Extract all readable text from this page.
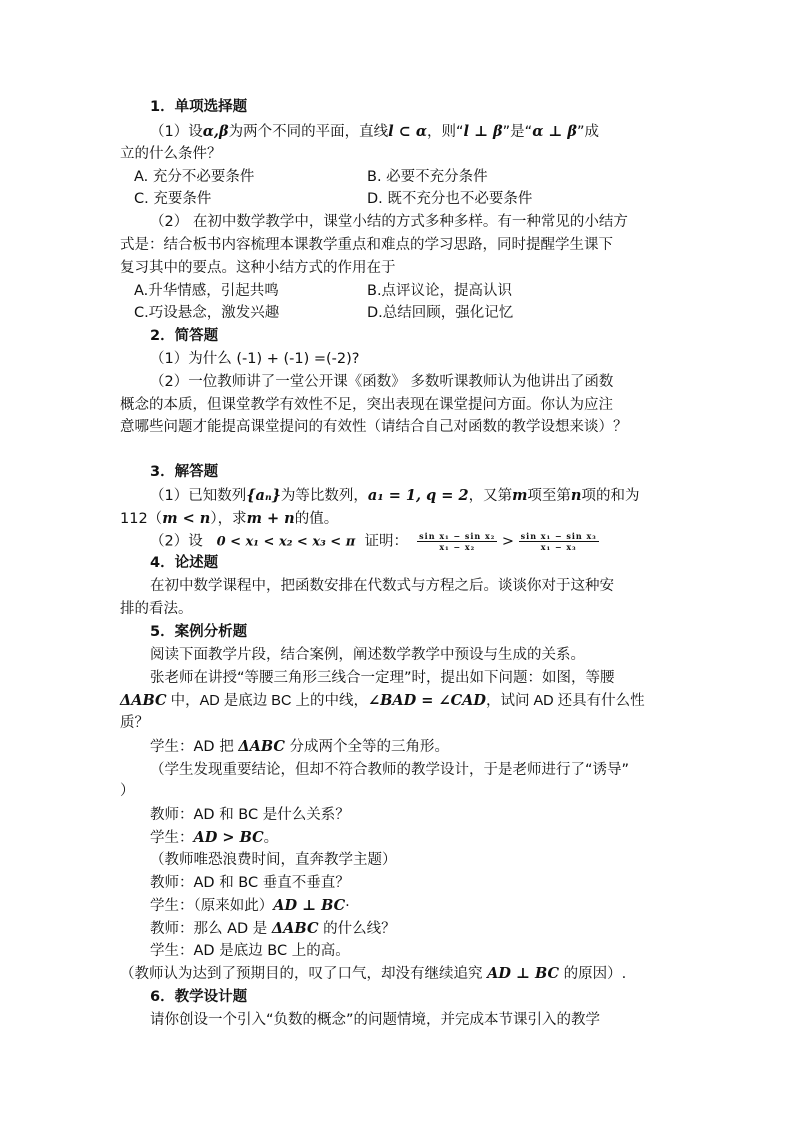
1．单项选择题
（1）设α,β为两个不同的平面，直线l ⊂ α，则“l ⊥ β”是“α ⊥ β”成
立的什么条件？
A. 充分不必要条件	B. 必要不充分条件
C. 充要条件	D. 既不充分也不必要条件
（2） 在初中数学教学中，课堂小结的方式多种多样。有一种常见的小结方
式是：结合板书内容梳理本课教学重点和难点的学习思路，同时提醒学生课下
复习其中的要点。这种小结方式的作用在于
A.升华情感，引起共鸣	B.点评议论，提高认识
C.巧设悬念，激发兴趣	D.总结回顾，强化记忆
2．简答题
（1）为什么 (-1) + (-1) =(-2)?
（2）一位教师讲了一堂公开课《函数》 多数听课教师认为他讲出了函数
概念的本质，但课堂教学有效性不足，突出表现在课堂提问方面。你认为应注
意哪些问题才能提高课堂提问的有效性（请结合自己对函数的教学设想来谈）？
3．解答题
（1）已知数列{aₙ}为等比数列，a₁ = 1, q = 2，又第m项至第n项的和为
112（m < n），求m + n的值。
（2）设 0 < x₁ < x₂ < x₃ < π 证明： $\frac{\text{sin x₁ − sin x₂}}{\text{x₁ − x₂}} > \frac{\text{sin x₁ − sin x₃}}{\text{x₁ − x₃}}$
4．论述题
在初中数学课程中，把函数安排在代数式与方程之后。谈谈你对于这种安
排的看法。
5．案例分析题
阅读下面教学片段，结合案例，阐述数学教学中预设与生成的关系。
张老师在讲授“等腰三角形三线合一定理”时，提出如下问题：如图，等腰
ΔABC 中，AD 是底边 BC 上的中线，∠BAD = ∠CAD，试问 AD 还具有什么性
质？
学生：AD 把 ΔABC 分成两个全等的三角形。
（学生发现重要结论，但却不符合教师的教学设计，于是老师进行了“诱导”
）
教师：AD 和 BC 是什么关系？
学生：AD > BC。
（教师唯恐浪费时间，直奔教学主题）
教师：AD 和 BC 垂直不垂直？
学生：（原来如此）AD ⊥ BC·
教师：那么 AD 是 ΔABC 的什么线？
学生：AD 是底边 BC 上的高。
（教师认为达到了预期目的，叹了口气，却没有继续追究 AD ⊥ BC 的原因）.
6．教学设计题
请你创设一个引入“负数的概念”的问题情境，并完成本节课引入的教学
